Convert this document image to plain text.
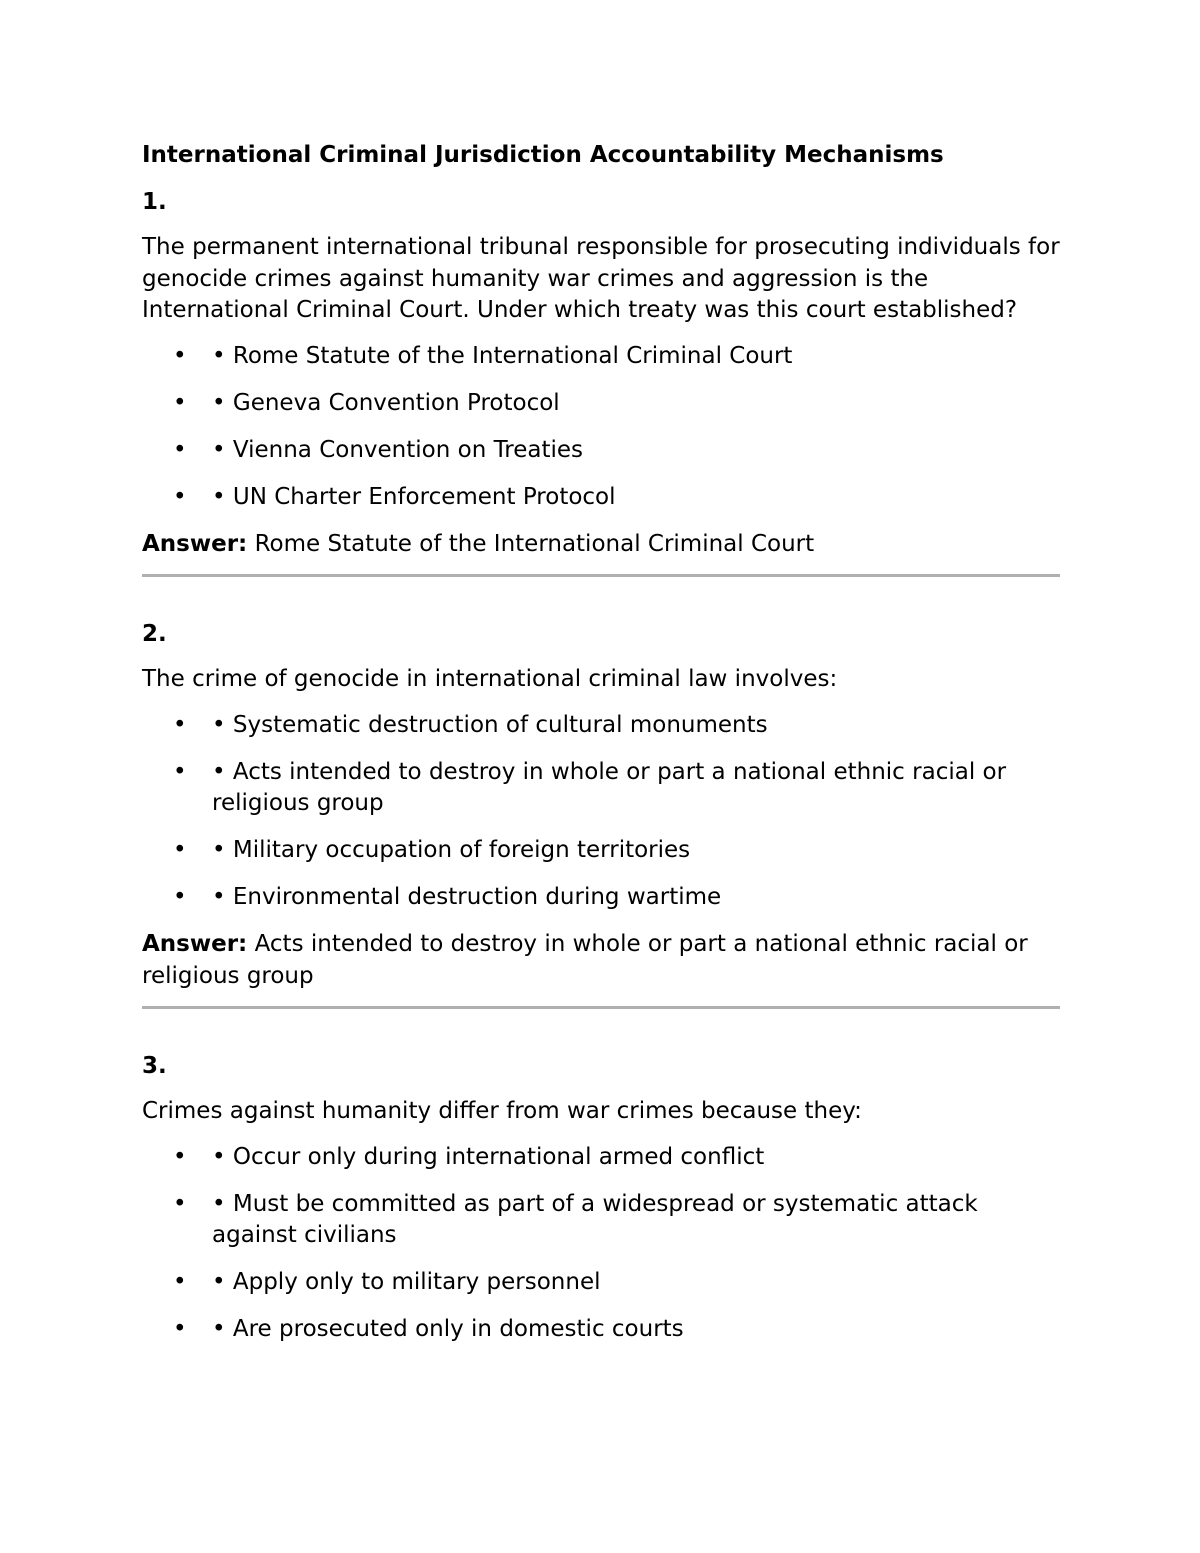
International Criminal Jurisdiction Accountability Mechanisms
1.
The permanent international tribunal responsible for prosecuting individuals for genocide crimes against humanity war crimes and aggression is the International Criminal Court. Under which treaty was this court established?
• • Rome Statute of the International Criminal Court
• • Geneva Convention Protocol
• • Vienna Convention on Treaties
• • UN Charter Enforcement Protocol
Answer: Rome Statute of the International Criminal Court
2.
The crime of genocide in international criminal law involves:
• • Systematic destruction of cultural monuments
• • Acts intended to destroy in whole or part a national ethnic racial or religious group
• • Military occupation of foreign territories
• • Environmental destruction during wartime
Answer: Acts intended to destroy in whole or part a national ethnic racial or religious group
3.
Crimes against humanity differ from war crimes because they:
• • Occur only during international armed conflict
• • Must be committed as part of a widespread or systematic attack against civilians
• • Apply only to military personnel
• • Are prosecuted only in domestic courts
